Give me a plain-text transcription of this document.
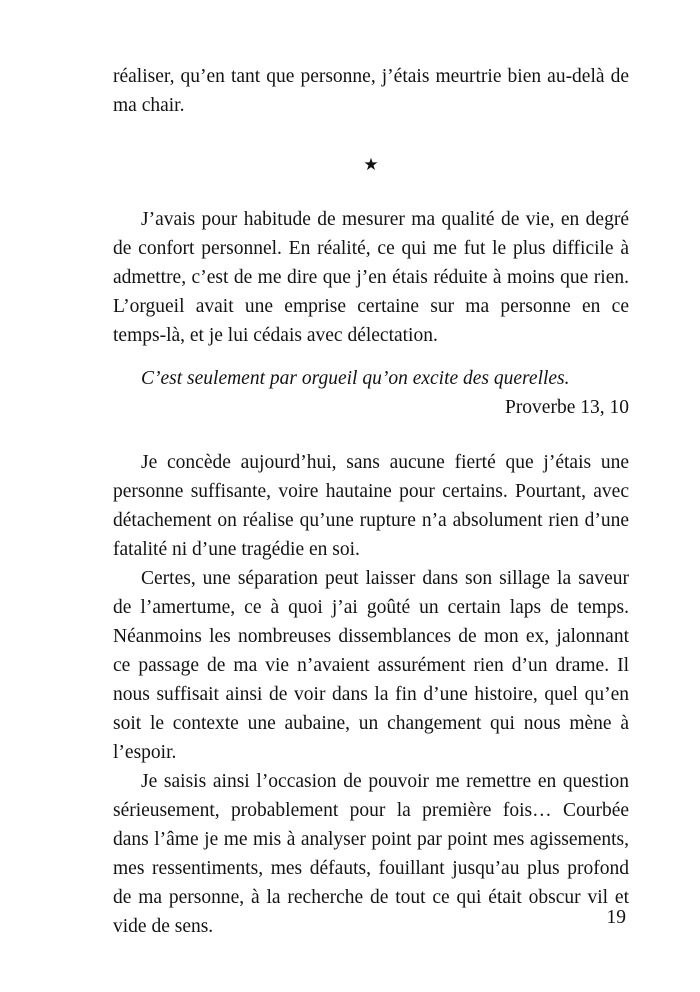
réaliser, qu’en tant que personne, j’étais meurtrie bien au-delà de ma chair.

★

J’avais pour habitude de mesurer ma qualité de vie, en degré de confort personnel. En réalité, ce qui me fut le plus difficile à admettre, c’est de me dire que j’en étais réduite à moins que rien. L’orgueil avait une emprise certaine sur ma personne en ce temps-là, et je lui cédais avec délectation.

C’est seulement par orgueil qu’on excite des querelles.

Proverbe 13, 10

Je concède aujourd’hui, sans aucune fierté que j’étais une personne suffisante, voire hautaine pour certains. Pourtant, avec détachement on réalise qu’une rupture n’a absolument rien d’une fatalité ni d’une tragédie en soi.

Certes, une séparation peut laisser dans son sillage la saveur de l’amertume, ce à quoi j’ai goûté un certain laps de temps. Néanmoins les nombreuses dissemblances de mon ex, jalonnant ce passage de ma vie n’avaient assurément rien d’un drame. Il nous suffisait ainsi de voir dans la fin d’une histoire, quel qu’en soit le contexte une aubaine, un changement qui nous mène à l’espoir.

Je saisis ainsi l’occasion de pouvoir me remettre en question sérieusement, probablement pour la première fois… Courbée dans l’âme je me mis à analyser point par point mes agissements, mes ressentiments, mes défauts, fouillant jusqu’au plus profond de ma personne, à la recherche de tout ce qui était obscur vil et vide de sens.	19
